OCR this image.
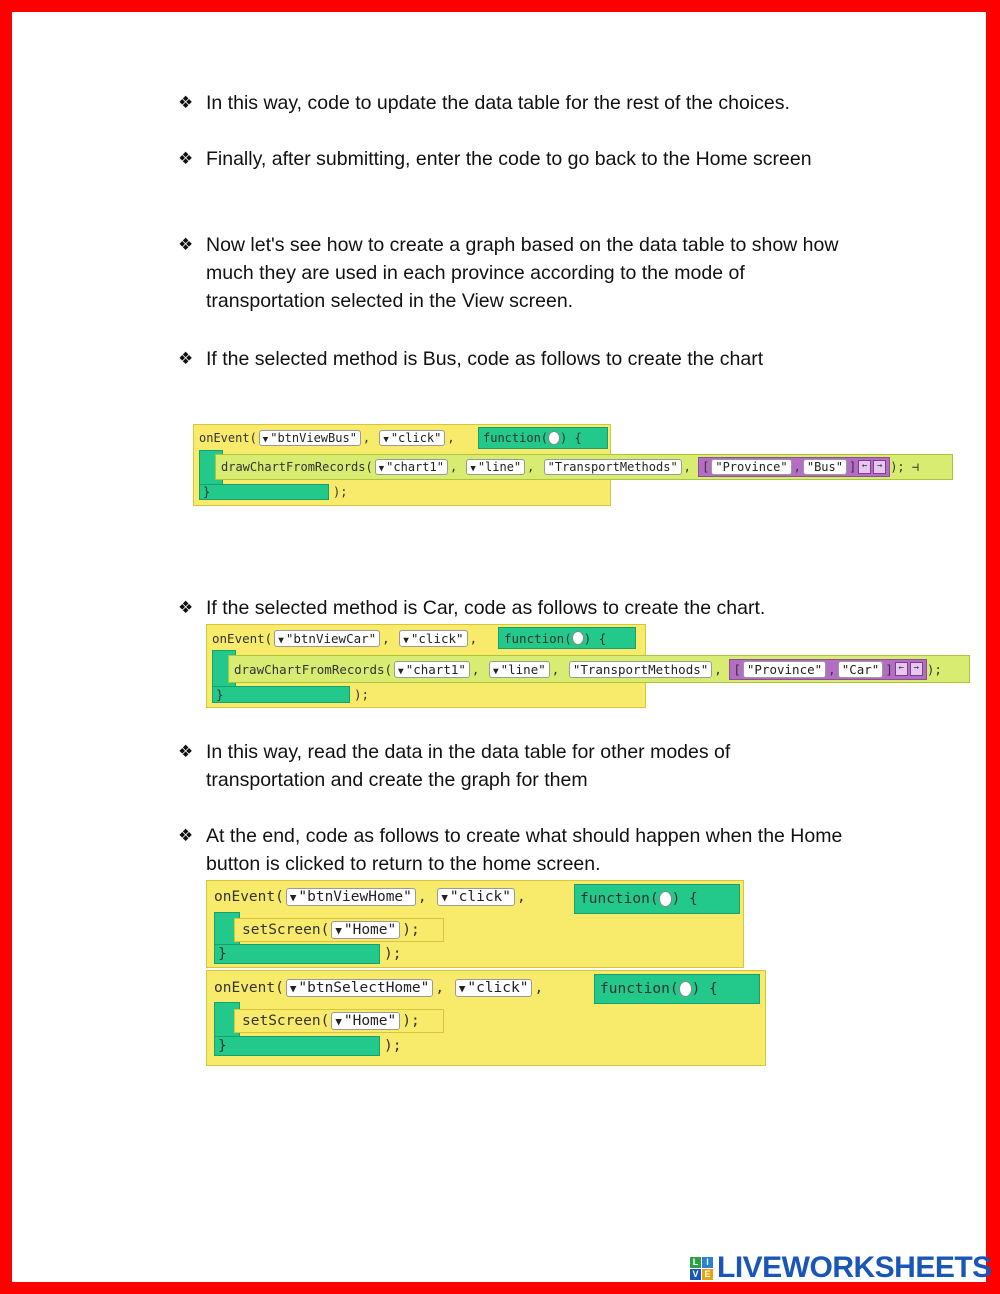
❖ In this way, code to update the data table for the rest of the choices.
❖ Finally, after submitting, enter the code to go back to the Home screen
❖ Now let's see how to create a graph based on the data table to show how much they are used in each province according to the mode of transportation selected in the View screen.
❖ If the selected method is Bus, code as follows to create the chart
onEvent( ▼ "btnViewBus" ,
	▼ "click" , function( ) {
drawChartFromRecords( ▼ "chart1" , ▼ "line" , "TransportMethods" , [ "Province" , "Bus" ] ←	→ ); ⊣
}	);
❖ If the selected method is Car, code as follows to create the chart.
onEvent( ▼ "btnViewCar" , ▼ "click" , function( ) {
drawChartFromRecords( ▼ "chart1" , ▼ "line" , "TransportMethods" , [ "Province" , "Car" ] ←	→ );
}	);
❖ In this way, read the data in the data table for other modes of transportation and create the graph for them
❖ At the end, code as follows to create what should happen when the Home button is clicked to return to the home screen.
onEvent( ▼ "btnViewHome" , ▼ "click" ,	function( ) {
setScreen( ▼ "Home" );
}	);
onEvent( ▼ "btnSelectHome" , ▼ "click" ,	function( ) {
setScreen( ▼ "Home" );
}	);
L I
V E LIVEWORKSHEETS
